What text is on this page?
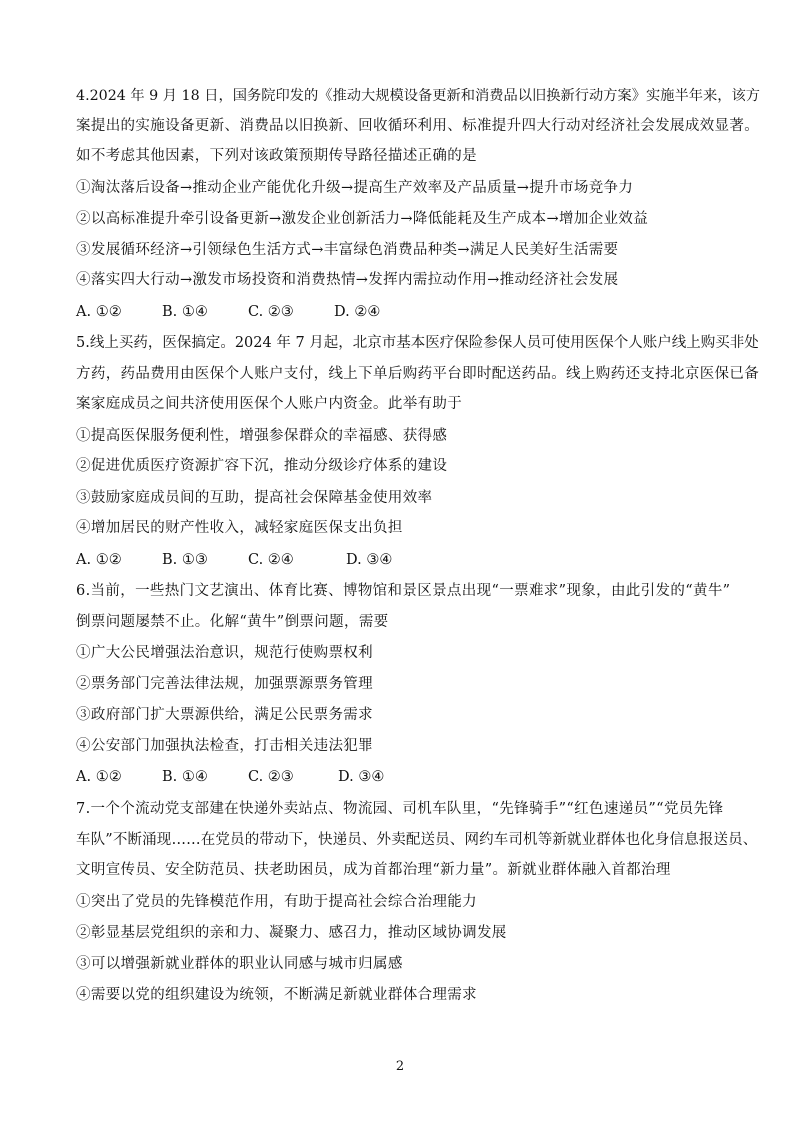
4.2024 年 9 月 18 日，国务院印发的《推动大规模设备更新和消费品以旧换新行动方案》实施半年来，该方
案提出的实施设备更新、消费品以旧换新、回收循环利用、标准提升四大行动对经济社会发展成效显著。
如不考虑其他因素，下列对该政策预期传导路径描述正确的是
①淘汰落后设备→推动企业产能优化升级→提高生产效率及产品质量→提升市场竞争力
②以高标准提升牵引设备更新→激发企业创新活力→降低能耗及生产成本→增加企业效益
③发展循环经济→引领绿色生活方式→丰富绿色消费品种类→满足人民美好生活需要
④落实四大行动→激发市场投资和消费热情→发挥内需拉动作用→推动经济社会发展
A. ①②	B. ①④	C. ②③	D. ②④
5.线上买药，医保搞定。2024 年 7 月起，北京市基本医疗保险参保人员可使用医保个人账户线上购买非处
方药，药品费用由医保个人账户支付，线上下单后购药平台即时配送药品。线上购药还支持北京医保已备
案家庭成员之间共济使用医保个人账户内资金。此举有助于
①提高医保服务便利性，增强参保群众的幸福感、获得感
②促进优质医疗资源扩容下沉，推动分级诊疗体系的建设
③鼓励家庭成员间的互助，提高社会保障基金使用效率
④增加居民的财产性收入，减轻家庭医保支出负担
A. ①②	B. ①③	C. ②④	D. ③④
6.当前，一些热门文艺演出、体育比赛、博物馆和景区景点出现“一票难求”现象，由此引发的“黄牛”
倒票问题屡禁不止。化解“黄牛”倒票问题，需要
①广大公民增强法治意识，规范行使购票权利
②票务部门完善法律法规，加强票源票务管理
③政府部门扩大票源供给，满足公民票务需求
④公安部门加强执法检查，打击相关违法犯罪
A. ①②	B. ①④	C. ②③	D. ③④
7.一个个流动党支部建在快递外卖站点、物流园、司机车队里，“先锋骑手”“红色速递员”“党员先锋
车队”不断涌现……在党员的带动下，快递员、外卖配送员、网约车司机等新就业群体也化身信息报送员、
文明宣传员、安全防范员、扶老助困员，成为首都治理“新力量”。新就业群体融入首都治理
①突出了党员的先锋模范作用，有助于提高社会综合治理能力
②彰显基层党组织的亲和力、凝聚力、感召力，推动区域协调发展
③可以增强新就业群体的职业认同感与城市归属感
④需要以党的组织建设为统领，不断满足新就业群体合理需求
2
